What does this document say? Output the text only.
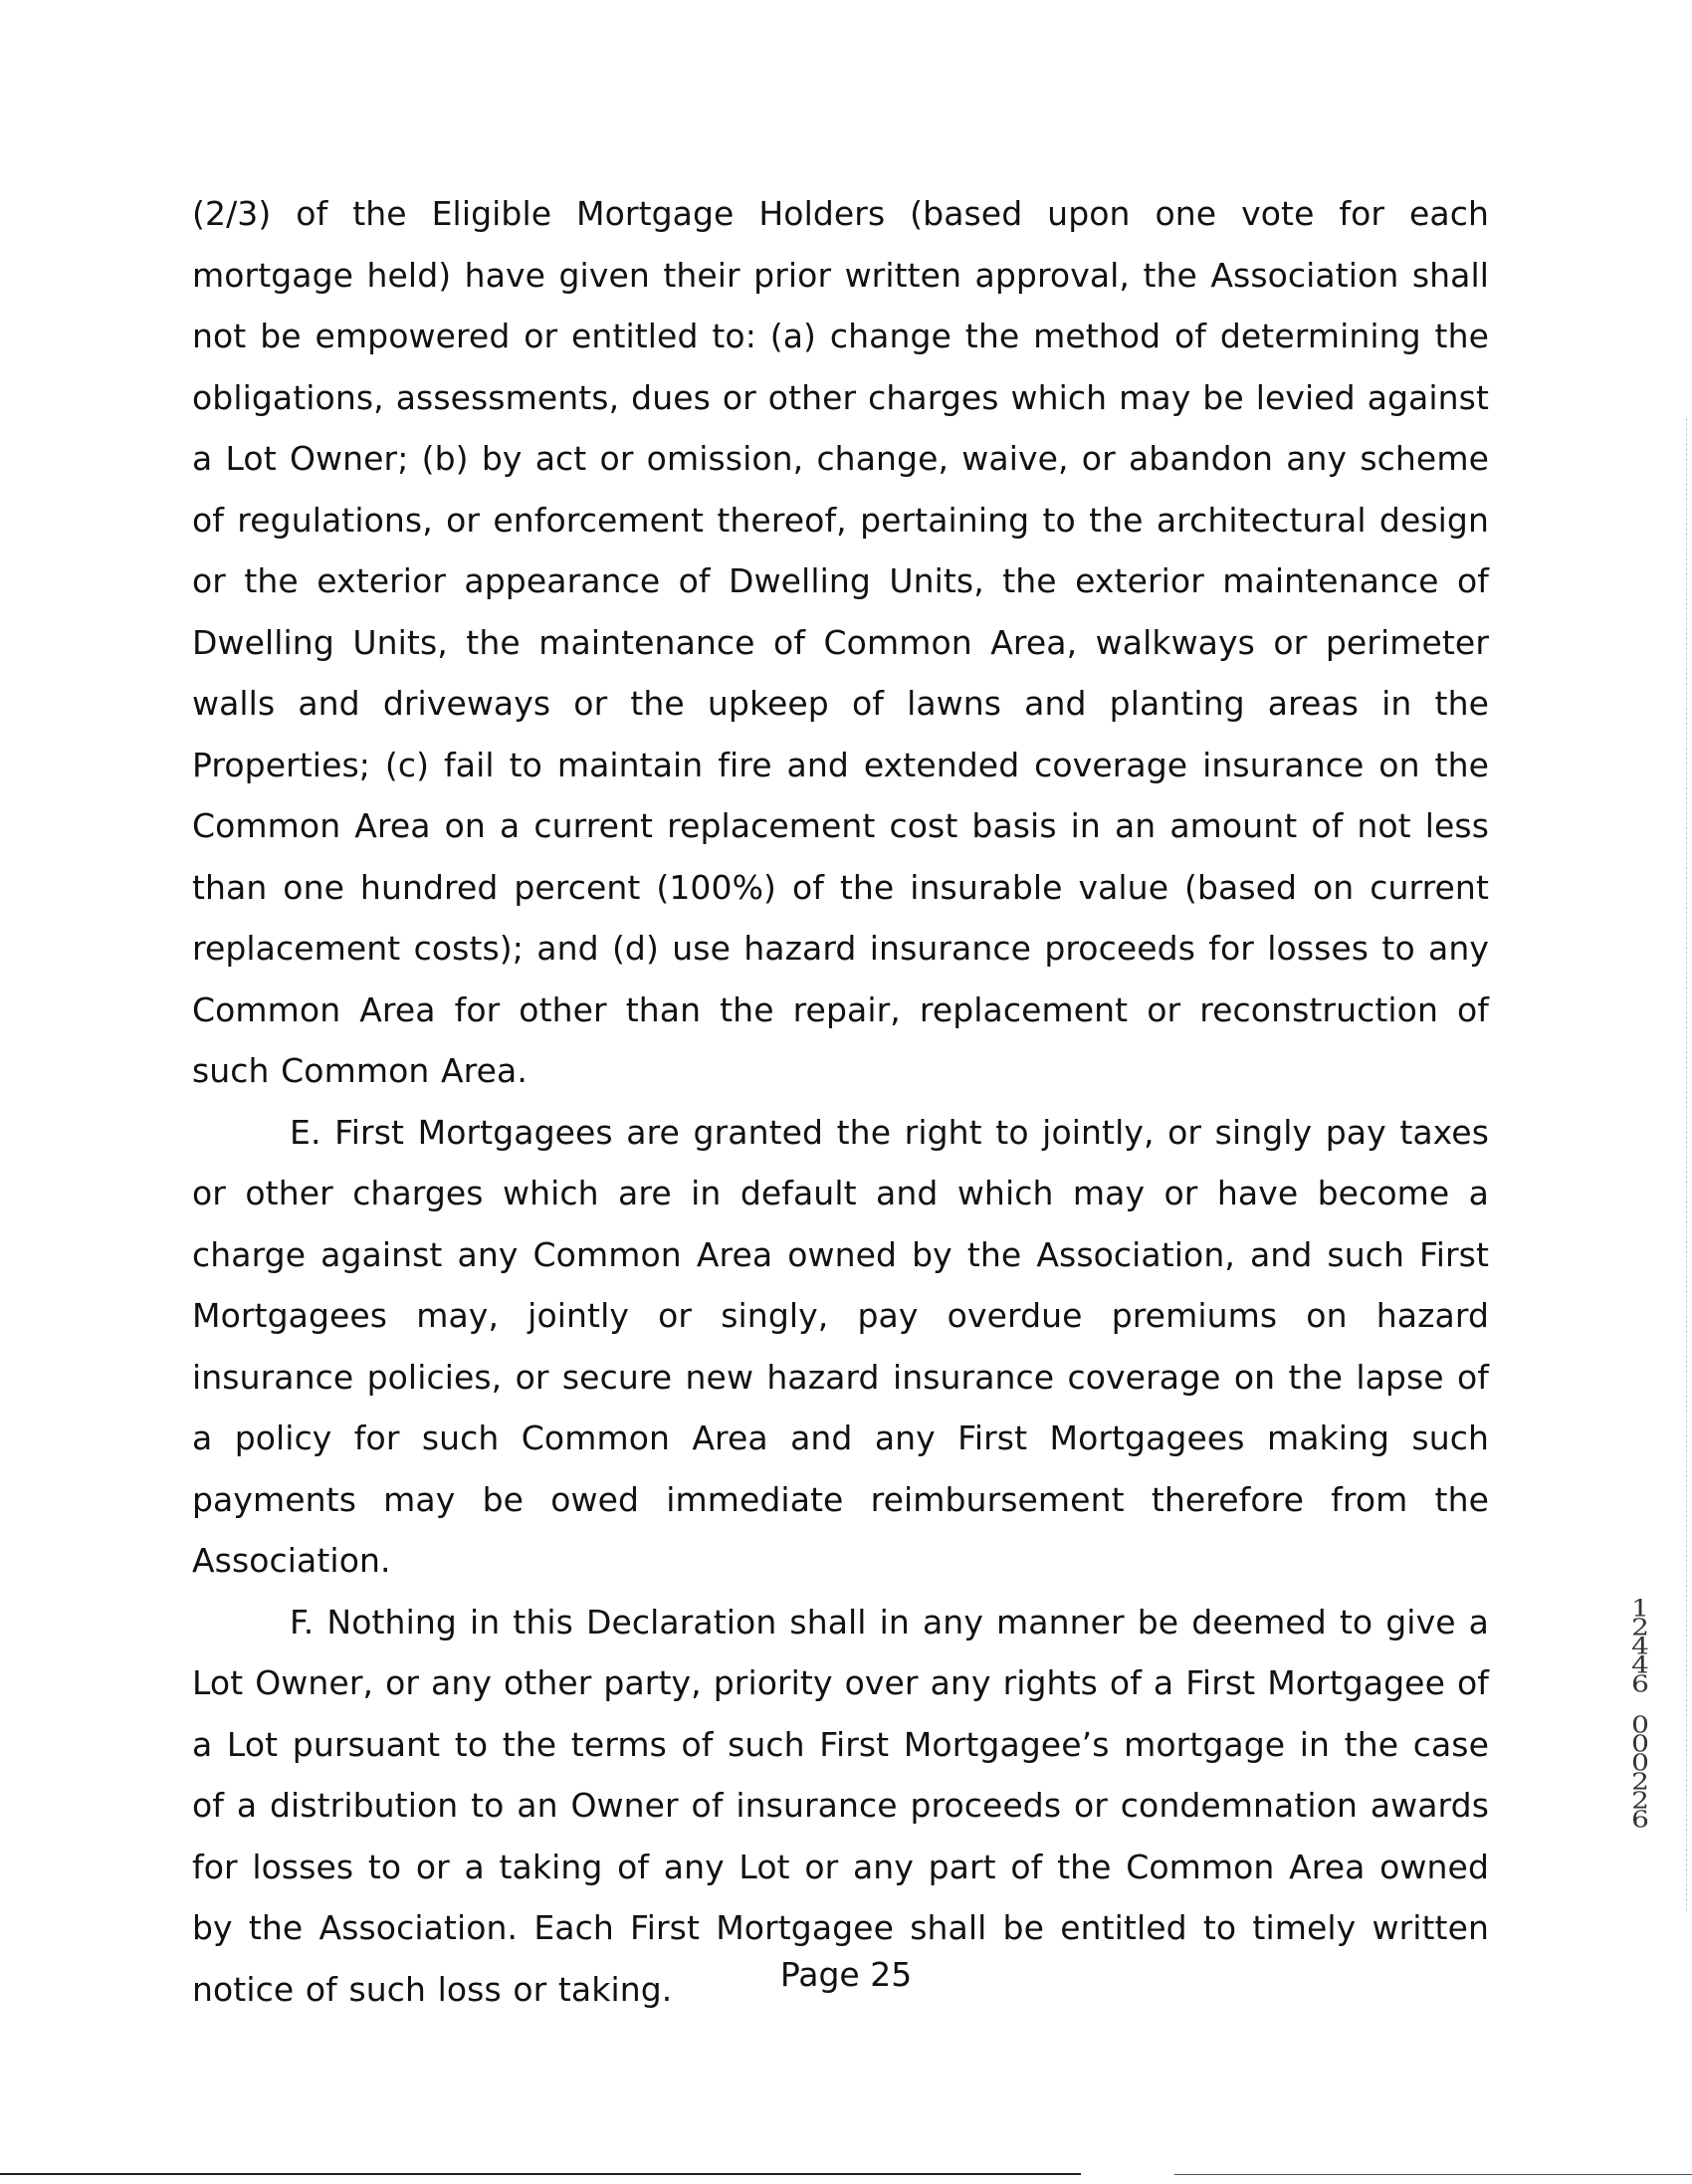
(2/3) of the Eligible Mortgage Holders (based upon one vote for each mortgage held) have given their prior written approval, the Association shall not be empowered or entitled to: (a) change the method of determining the obligations, assessments, dues or other charges which may be levied against a Lot Owner; (b) by act or omission, change, waive, or abandon any scheme of regulations, or enforcement thereof, pertaining to the architectural design or the exterior appearance of Dwelling Units, the exterior maintenance of Dwelling Units, the maintenance of Common Area, walkways or perimeter walls and driveways or the upkeep of lawns and planting areas in the Properties; (c) fail to maintain fire and extended coverage insurance on the Common Area on a current replacement cost basis in an amount of not less than one hundred percent (100%) of the insurable value (based on current replacement costs); and (d) use hazard insurance proceeds for losses to any Common Area for other than the repair, replacement or reconstruction of such Common Area.

E. First Mortgagees are granted the right to jointly, or singly pay taxes or other charges which are in default and which may or have become a charge against any Common Area owned by the Association, and such First Mortgagees may, jointly or singly, pay overdue premiums on hazard insurance policies, or secure new hazard insurance coverage on the lapse of a policy for such Common Area and any First Mortgagees making such payments may be owed immediate reimbursement therefore from the Association.

F. Nothing in this Declaration shall in any manner be deemed to give a Lot Owner, or any other party, priority over any rights of a First Mortgagee of a Lot pursuant to the terms of such First Mortgagee’s mortgage in the case of a distribution to an Owner of insurance proceeds or condemnation awards for losses to or a taking of any Lot or any part of the Common Area owned by the Association. Each First Mortgagee shall be entitled to timely written notice of such loss or taking.	Page 25
1
2
4
4
6
0
0
0
2
2
6
